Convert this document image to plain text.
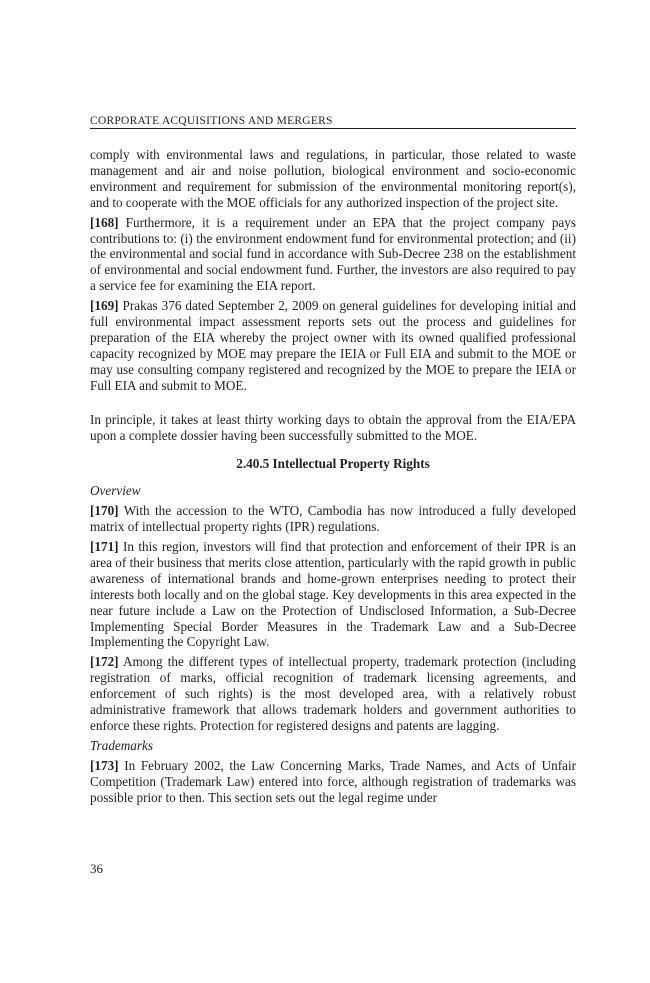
CORPORATE ACQUISITIONS AND MERGERS

comply with environmental laws and regulations, in particular, those related to waste management and air and noise pollution, biological environment and socio-economic environment and requirement for submission of the environmental monitoring report(s), and to cooperate with the MOE officials for any authorized inspection of the project site.

[168] Furthermore, it is a requirement under an EPA that the project company pays contributions to: (i) the environment endowment fund for environmental protection; and (ii) the environmental and social fund in accordance with Sub-Decree 238 on the establishment of environmental and social endowment fund. Further, the investors are also required to pay a service fee for examining the EIA report.

[169] Prakas 376 dated September 2, 2009 on general guidelines for developing initial and full environmental impact assessment reports sets out the process and guidelines for preparation of the EIA whereby the project owner with its owned qualified professional capacity recognized by MOE may prepare the IEIA or Full EIA and submit to the MOE or may use consulting company registered and recognized by the MOE to prepare the IEIA or Full EIA and submit to MOE.

In principle, it takes at least thirty working days to obtain the approval from the EIA/EPA upon a complete dossier having been successfully submitted to the MOE.

2.40.5 Intellectual Property Rights

Overview

[170] With the accession to the WTO, Cambodia has now introduced a fully developed matrix of intellectual property rights (IPR) regulations.

[171] In this region, investors will find that protection and enforcement of their IPR is an area of their business that merits close attention, particularly with the rapid growth in public awareness of international brands and home-grown enterprises needing to protect their interests both locally and on the global stage. Key developments in this area expected in the near future include a Law on the Protection of Undisclosed Information, a Sub-Decree Implementing Special Border Measures in the Trademark Law and a Sub-Decree Implementing the Copyright Law.

[172] Among the different types of intellectual property, trademark protection (including registration of marks, official recognition of trademark licensing agreements, and enforcement of such rights) is the most developed area, with a relatively robust administrative framework that allows trademark holders and government authorities to enforce these rights. Protection for registered designs and patents are lagging.

Trademarks

[173] In February 2002, the Law Concerning Marks, Trade Names, and Acts of Unfair Competition (Trademark Law) entered into force, although registration of trademarks was possible prior to then. This section sets out the legal regime under

36
